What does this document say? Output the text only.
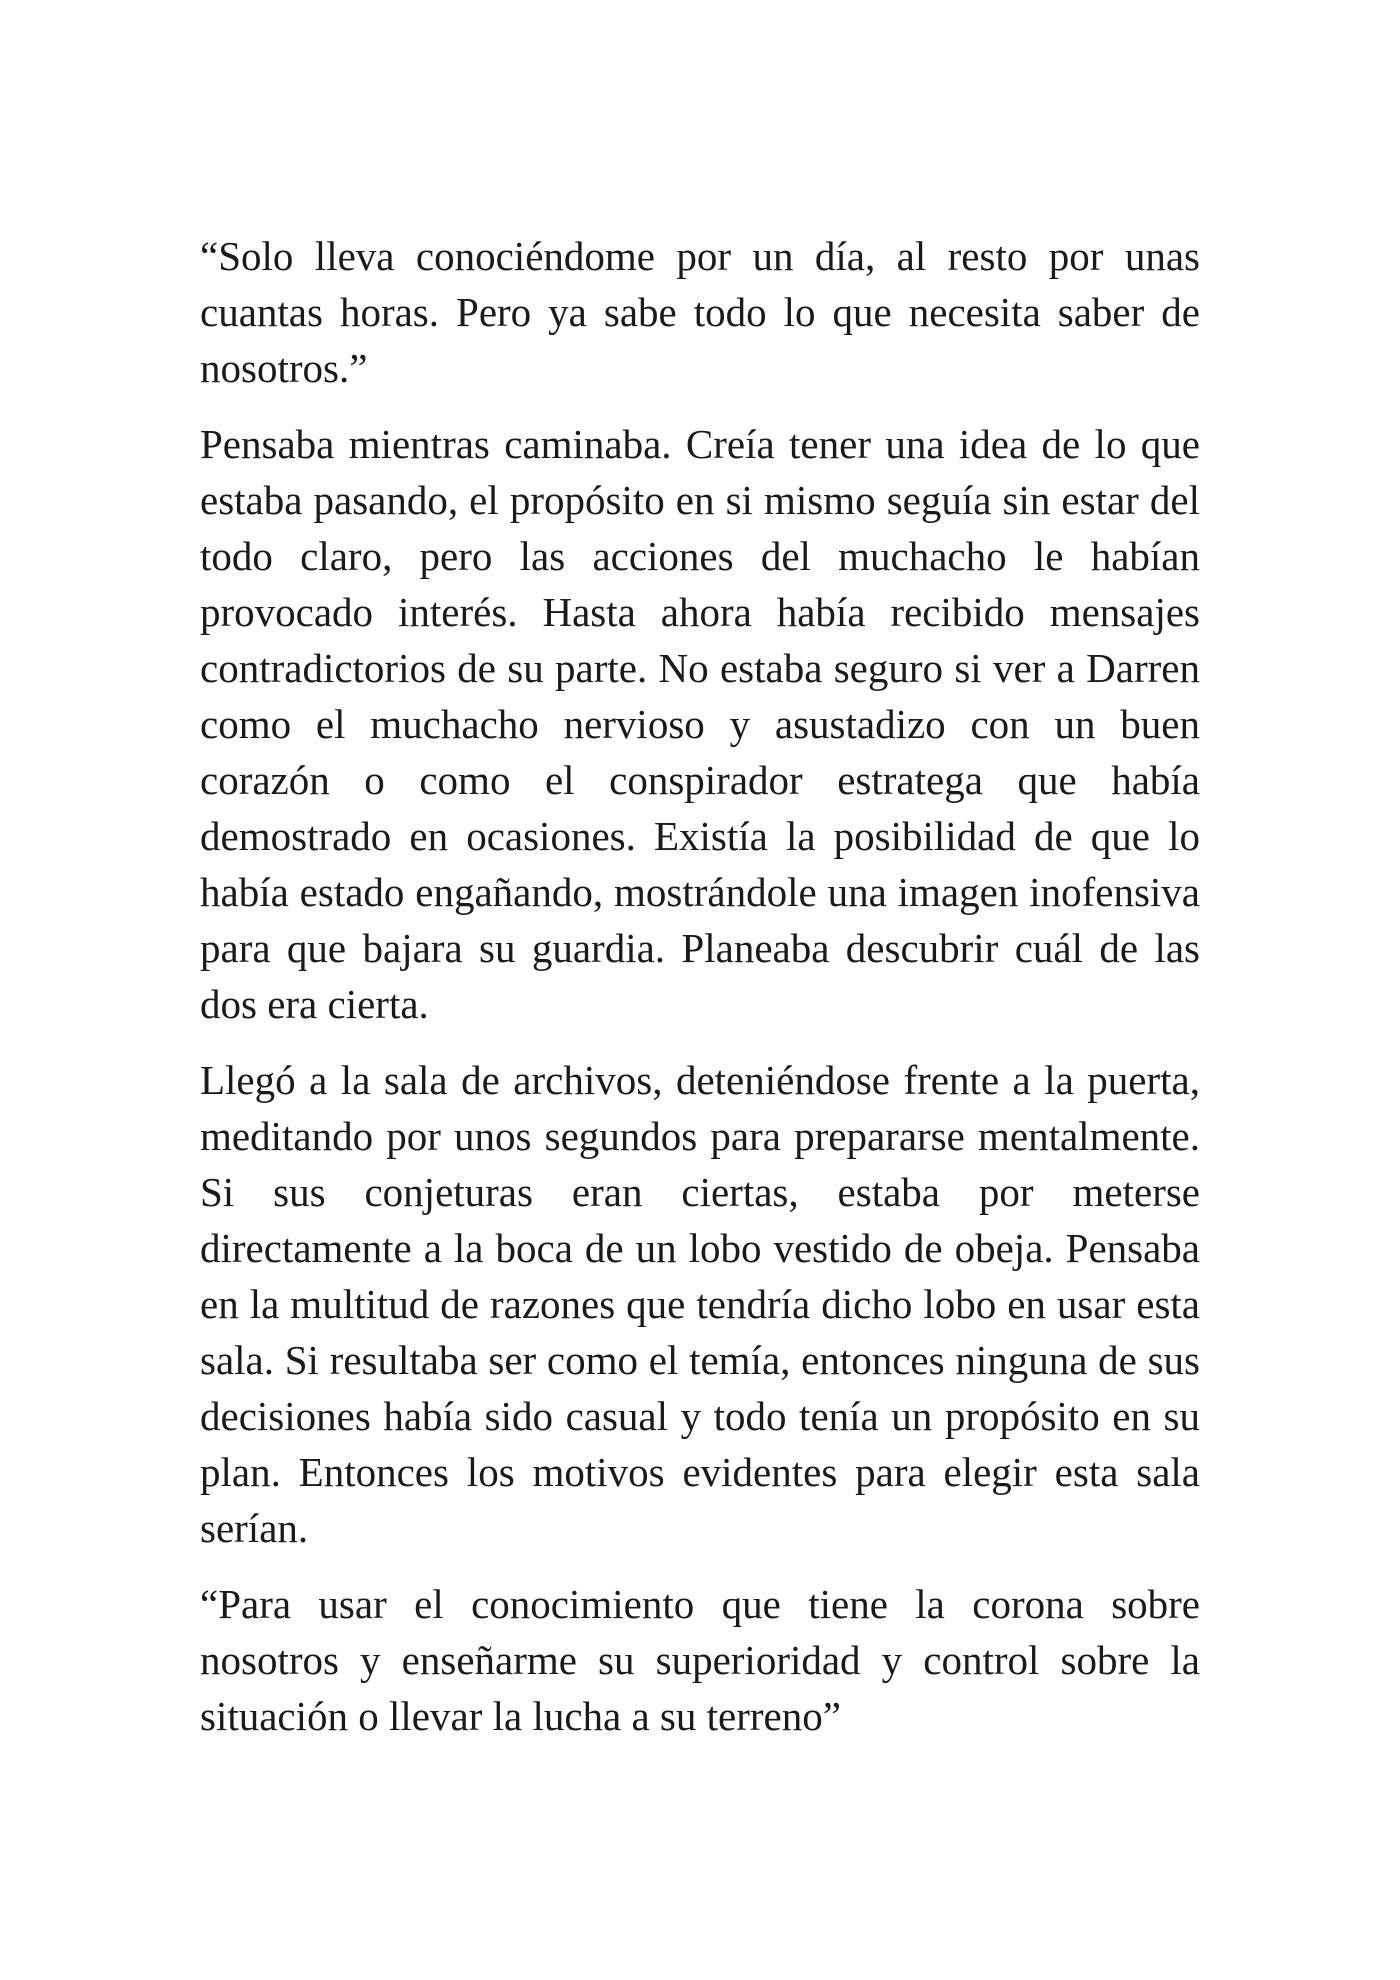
“Solo lleva conociéndome por un día, al resto por unas cuantas horas. Pero ya sabe todo lo que necesita saber de nosotros.”

Pensaba mientras caminaba. Creía tener una idea de lo que estaba pasando, el propósito en si mismo seguía sin estar del todo claro, pero las acciones del muchacho le habían provocado interés. Hasta ahora había recibido mensajes contradictorios de su parte. No estaba seguro si ver a Darren como el muchacho nervioso y asustadizo con un buen corazón o como el conspirador estratega que había demostrado en ocasiones. Existía la posibilidad de que lo había estado engañando, mostrándole una imagen inofensiva para que bajara su guardia. Planeaba descubrir cuál de las dos era cierta.

Llegó a la sala de archivos, deteniéndose frente a la puerta, meditando por unos segundos para prepararse mentalmente. Si sus conjeturas eran ciertas, estaba por meterse directamente a la boca de un lobo vestido de obeja. Pensaba en la multitud de razones que tendría dicho lobo en usar esta sala. Si resultaba ser como el temía, entonces ninguna de sus decisiones había sido casual y todo tenía un propósito en su plan. Entonces los motivos evidentes para elegir esta sala serían.

“Para usar el conocimiento que tiene la corona sobre nosotros y enseñarme su superioridad y control sobre la situación o llevar la lucha a su terreno”
